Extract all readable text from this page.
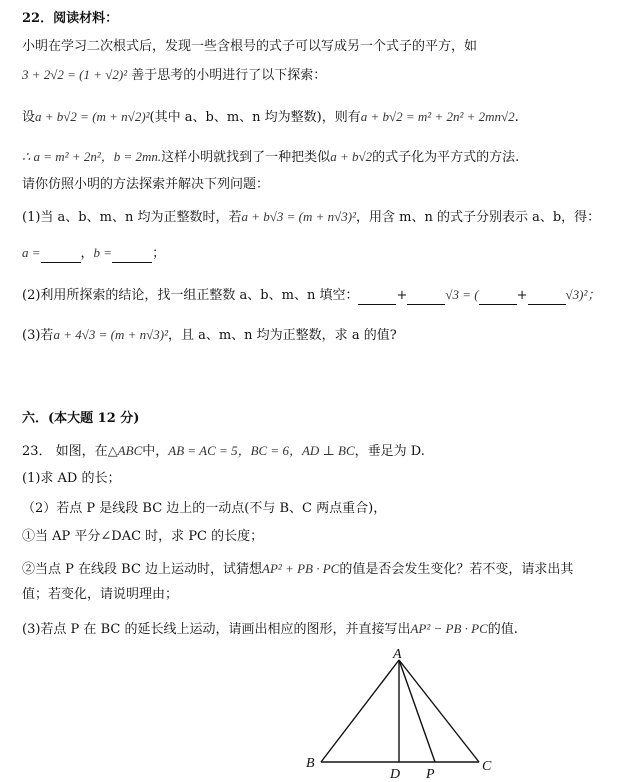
22．阅读材料：
小明在学习二次根式后，发现一些含根号的式子可以写成另一个式子的平方，如
3 + 2√2 = (1 + √2)² 善于思考的小明进行了以下探索：
设a + b√2 = (m + n√2)²(其中 a、b、m、n 均为整数)，则有a + b√2 = m² + 2n² + 2mn√2.
∴ a = m² + 2n²，b = 2mn.这样小明就找到了一种把类似a + b√2的式子化为平方式的方法.
请你仿照小明的方法探索并解决下列问题：
(1)当 a、b、m、n 均为正整数时，若a + b√3 = (m + n√3)²，用含 m、n 的式子分别表示 a、b，得：
a =	，b =	；
(2)利用所探索的结论，找一组正整数 a、b、m、n 填空：	+	√3 = (	+	√3)²；
(3)若a + 4√3 = (m + n√3)²，且 a、m、n 均为正整数，求 a 的值?
六．(本大题 12 分)
23． 如图，在△ABC中，AB = AC = 5，BC = 6，AD ⊥ BC，垂足为 D.
(1)求 AD 的长；
（2）若点 P 是线段 BC 边上的一动点(不与 B、C 两点重合)，
①当 AP 平分∠DAC 时，求 PC 的长度；
②当点 P 在线段 BC 边上运动时，试猜想AP² + PB · PC的值是否会发生变化？若不变，请求出其
值；若变化，请说明理由；
(3)若点 P 在 BC 的延长线上运动，请画出相应的图形，并直接写出AP² − PB · PC的值.
A
B
D P
C
